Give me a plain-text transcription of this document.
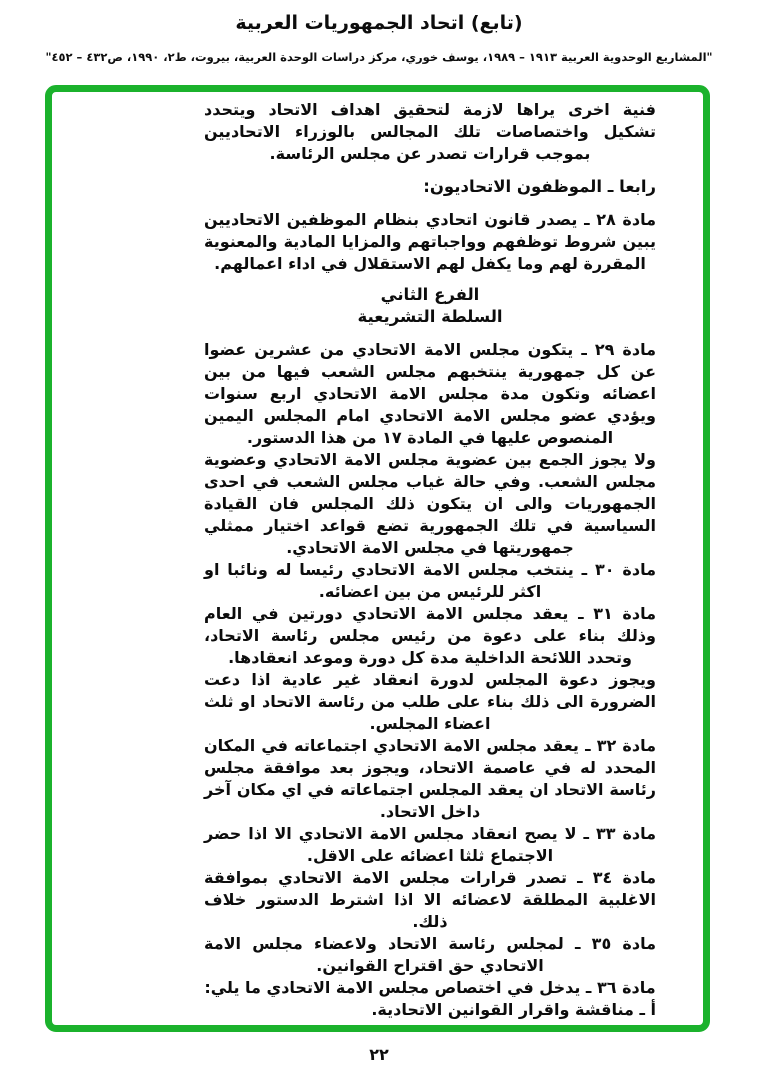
(تابع) اتحاد الجمهوريات العربية
"المشاريع الوحدوية العربية ١٩١٣ – ١٩٨٩، يوسف خوري، مركز دراسات الوحدة العربية، بيروت، ط٢، ١٩٩٠، ص٤٣٢ – ٤٥٢"

فنية اخرى يراها لازمة لتحقيق اهداف الاتحاد ويتحدد تشكيل واختصاصات تلك المجالس بالوزراء الاتحاديين بموجب قرارات تصدر عن مجلس الرئاسة.

رابعا ـ الموظفون الاتحاديون:

مادة ٢٨ ـ يصدر قانون اتحادي بنظام الموظفين الاتحاديين يبين شروط توظفهم وواجباتهم والمزايا المادية والمعنوية المقررة لهم وما يكفل لهم الاستقلال في اداء اعمالهم.

الفرع الثاني
السلطة التشريعية

مادة ٢٩ ـ يتكون مجلس الامة الاتحادي من عشرين عضوا عن كل جمهورية ينتخبهم مجلس الشعب فيها من بين اعضائه وتكون مدة مجلس الامة الاتحادي اربع سنوات ويؤدي عضو مجلس الامة الاتحادي امام المجلس اليمين المنصوص عليها في المادة ١٧ من هذا الدستور.

ولا يجوز الجمع بين عضوية مجلس الامة الاتحادي وعضوية مجلس الشعب. وفي حالة غياب مجلس الشعب في احدى الجمهوريات والى ان يتكون ذلك المجلس فان القيادة السياسية في تلك الجمهورية تضع قواعد اختيار ممثلي جمهوريتها في مجلس الامة الاتحادي.

مادة ٣٠ ـ ينتخب مجلس الامة الاتحادي رئيسا له ونائبا او اكثر للرئيس من بين اعضائه.

مادة ٣١ ـ يعقد مجلس الامة الاتحادي دورتين في العام وذلك بناء على دعوة من رئيس مجلس رئاسة الاتحاد، وتحدد اللائحة الداخلية مدة كل دورة وموعد انعقادها.

ويجوز دعوة المجلس لدورة انعقاد غير عادية اذا دعت الضرورة الى ذلك بناء على طلب من رئاسة الاتحاد او ثلث اعضاء المجلس.

مادة ٣٢ ـ يعقد مجلس الامة الاتحادي اجتماعاته في المكان المحدد له في عاصمة الاتحاد، ويجوز بعد موافقة مجلس رئاسة الاتحاد ان يعقد المجلس اجتماعاته في اي مكان آخر داخل الاتحاد.

مادة ٣٣ ـ لا يصح انعقاد مجلس الامة الاتحادي الا اذا حضر الاجتماع ثلثا اعضائه على الاقل.

مادة ٣٤ ـ تصدر قرارات مجلس الامة الاتحادي بموافقة الاغلبية المطلقة لاعضائه الا اذا اشترط الدستور خلاف ذلك.

مادة ٣٥ ـ لمجلس رئاسة الاتحاد ولاعضاء مجلس الامة الاتحادي حق اقتراح القوانين.

مادة ٣٦ ـ يدخل في اختصاص مجلس الامة الاتحادي ما يلي:

أ ـ مناقشة واقرار القوانين الاتحادية.

٢٢
